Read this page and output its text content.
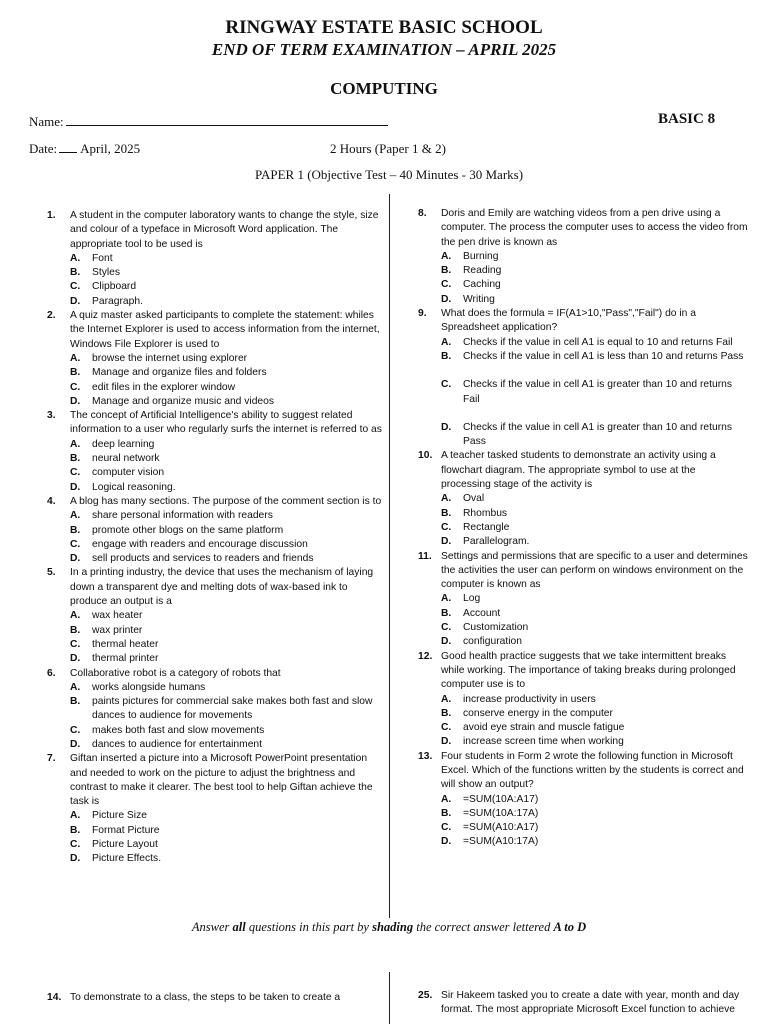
RINGWAY ESTATE BASIC SCHOOL
END OF TERM EXAMINATION – APRIL 2025
COMPUTING
Name:	BASIC 8
Date: April, 2025	2 Hours (Paper 1 & 2)
PAPER 1 (Objective Test – 40 Minutes - 30 Marks)
1.	A student in the computer laboratory wants to change the style, size and colour of a typeface in Microsoft Word application. The appropriate tool to be used is
A. Font
B. Styles
C. Clipboard
D. Paragraph.
2.	A quiz master asked participants to complete the statement: whiles the Internet Explorer is used to access information from the internet, Windows File Explorer is used to
A. browse the internet using explorer
B. Manage and organize files and folders
C. edit files in the explorer window
D. Manage and organize music and videos
3.	The concept of Artificial Intelligence's ability to suggest related information to a user who regularly surfs the internet is referred to as
A. deep learning
B. neural network
C. computer vision
D. Logical reasoning.
4.	A blog has many sections. The purpose of the comment section is to
A. share personal information with readers
B. promote other blogs on the same platform
C. engage with readers and encourage discussion
D. sell products and services to readers and friends
5.	In a printing industry, the device that uses the mechanism of laying down a transparent dye and melting dots of wax-based ink to produce an output is a
A. wax heater
B. wax printer
C. thermal heater
D. thermal printer
6.	Collaborative robot is a category of robots that
A. works alongside humans
B. paints pictures for commercial sake makes both fast and slow dances to audience for movements
C. makes both fast and slow movements
D. dances to audience for entertainment
7.	Giftan inserted a picture into a Microsoft PowerPoint presentation and needed to work on the picture to adjust the brightness and contrast to make it clearer. The best tool to help Giftan achieve the task is
A. Picture Size
B. Format Picture
C. Picture Layout
D. Picture Effects.
8.	Doris and Emily are watching videos from a pen drive using a computer. The process the computer uses to access the video from the pen drive is known as
A. Burning
B. Reading
C. Caching
D. Writing
9.	What does the formula = IF(A1>10,"Pass","Fail") do in a Spreadsheet application?
A. Checks if the value in cell A1 is equal to 10 and returns Fail
B. Checks if the value in cell A1 is less than 10 and returns Pass
C. Checks if the value in cell A1 is greater than 10 and returns Fail
D. Checks if the value in cell A1 is greater than 10 and returns Pass
10. A teacher tasked students to demonstrate an activity using a flowchart diagram. The appropriate symbol to use at the processing stage of the activity is
A. Oval
B. Rhombus
C. Rectangle
D. Parallelogram.
11. Settings and permissions that are specific to a user and determines the activities the user can perform on windows environment on the computer is known as
A. Log
B. Account
C. Customization
D. configuration
12. Good health practice suggests that we take intermittent breaks while working. The importance of taking breaks during prolonged computer use is to
A. increase productivity in users
B. conserve energy in the computer
C. avoid eye strain and muscle fatigue
D. increase screen time when working
13. Four students in Form 2 wrote the following function in Microsoft Excel. Which of the functions written by the students is correct and will show an output?
A. =SUM(10A:A17)
B. =SUM(10A:17A)
C. =SUM(A10:A17)
D. =SUM(A10:17A)
Answer all questions in this part by shading the correct answer lettered A to D
14. To demonstrate to a class, the steps to be taken to create a	25. Sir Hakeem tasked you to create a date with year, month and day format. The most appropriate Microsoft Excel function to achieve
